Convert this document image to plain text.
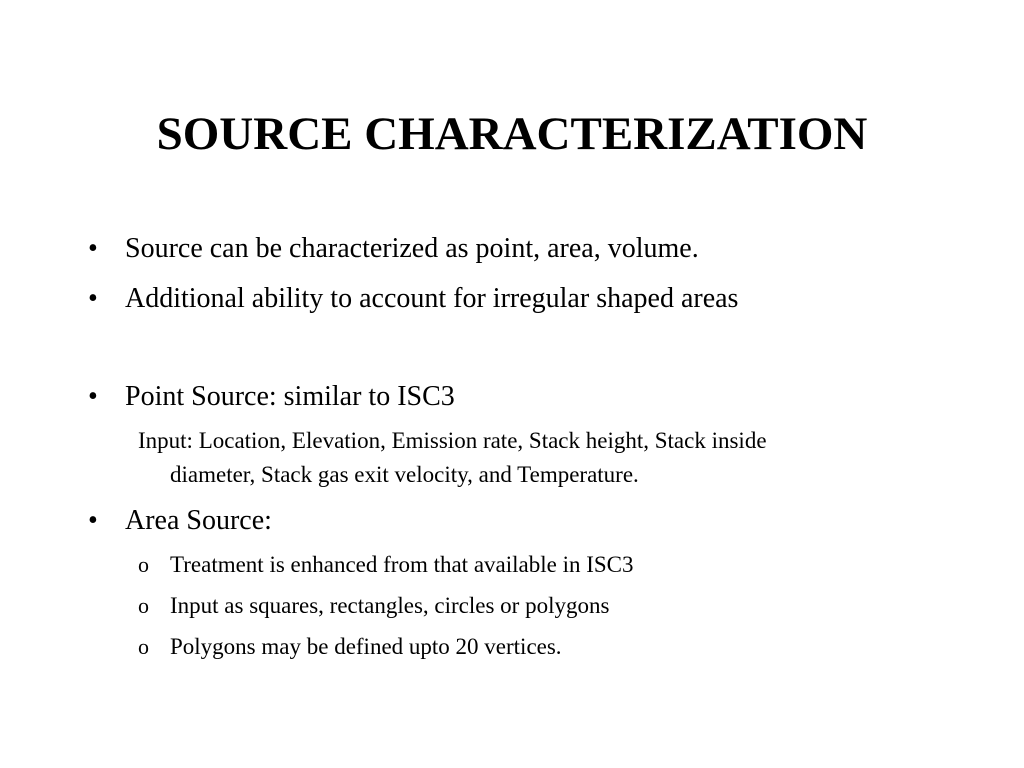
SOURCE CHARACTERIZATION
• Source can be characterized as point, area, volume.
• Additional ability to account for irregular shaped areas
• Point Source: similar to ISC3
Input: Location, Elevation, Emission rate, Stack height, Stack inside
diameter, Stack gas exit velocity, and Temperature.
• Area Source:
o Treatment is enhanced from that available in ISC3
o Input as squares, rectangles, circles or polygons
o Polygons may be defined upto 20 vertices.
